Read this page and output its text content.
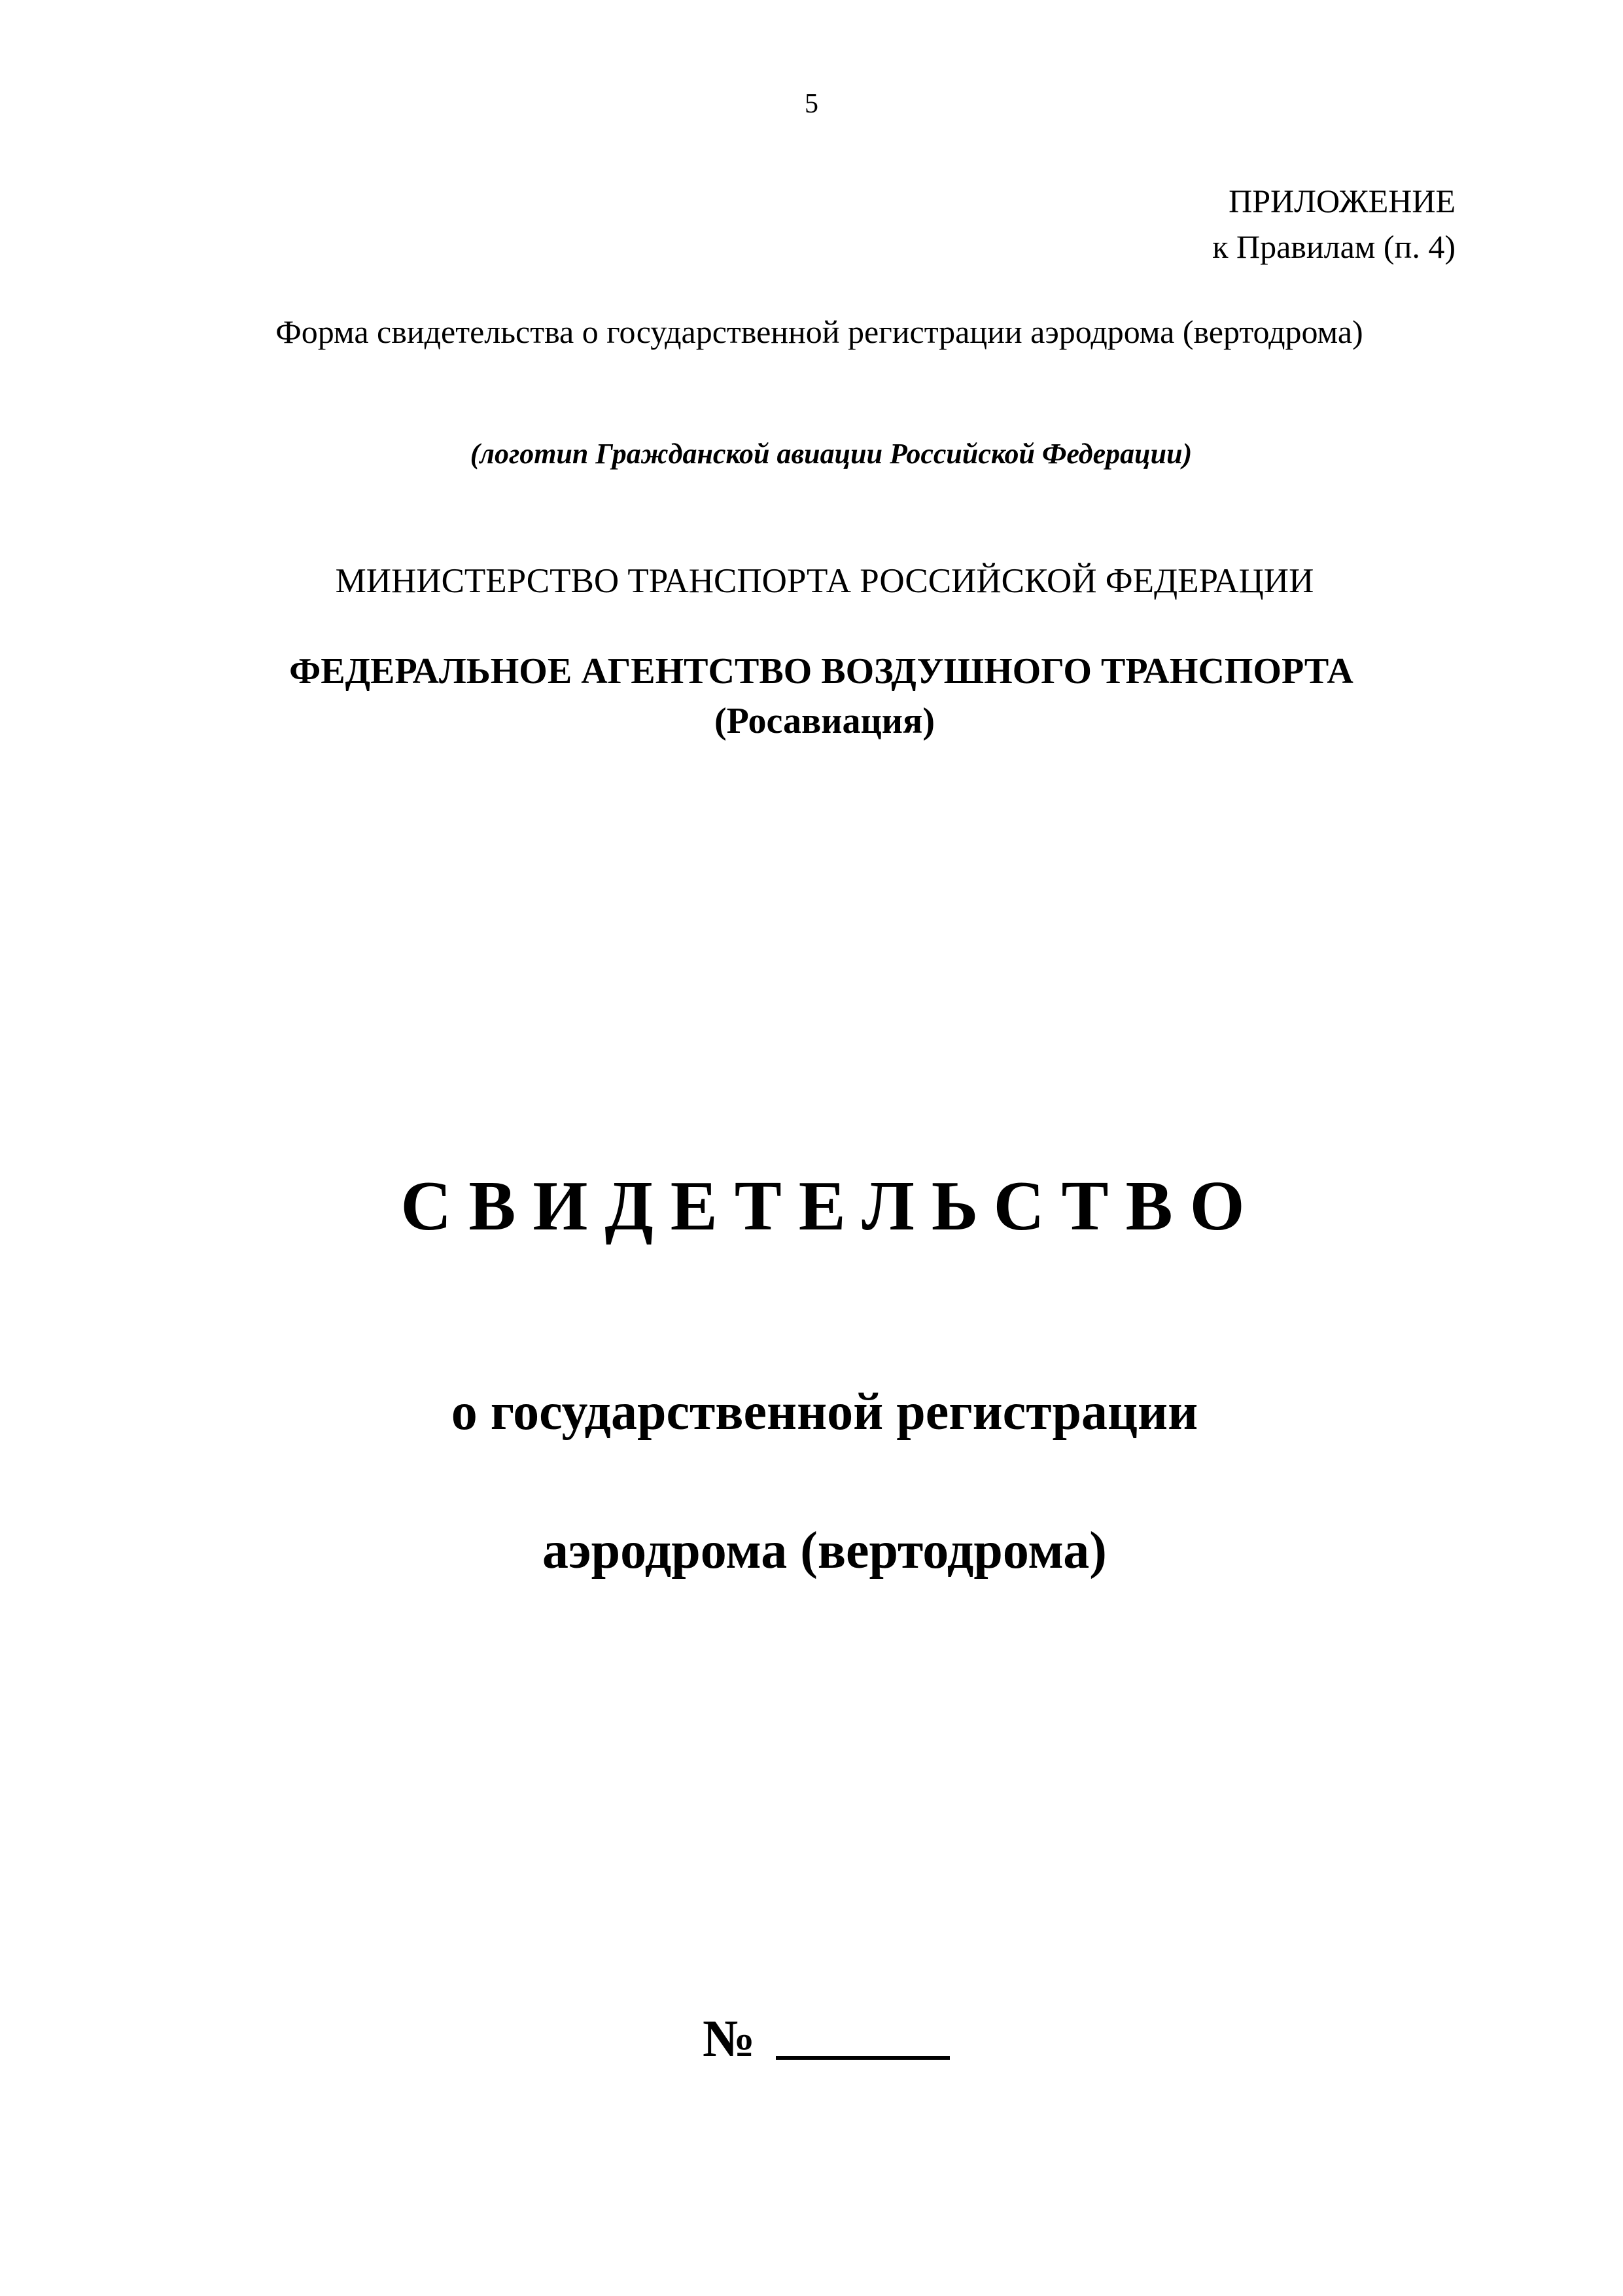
5
ПРИЛОЖЕНИЕ
к Правилам (п. 4)
Форма свидетельства о государственной регистрации аэродрома (вертодрома)
(логотип Гражданской авиации Российской Федерации)
МИНИСТЕРСТВО ТРАНСПОРТА РОССИЙСКОЙ ФЕДЕРАЦИИ
ФЕДЕРАЛЬНОЕ АГЕНТСТВО ВОЗДУШНОГО ТРАНСПОРТА
(Росавиация)
СВИДЕТЕЛЬСТВО
о государственной регистрации
аэродрома (вертодрома)
№
